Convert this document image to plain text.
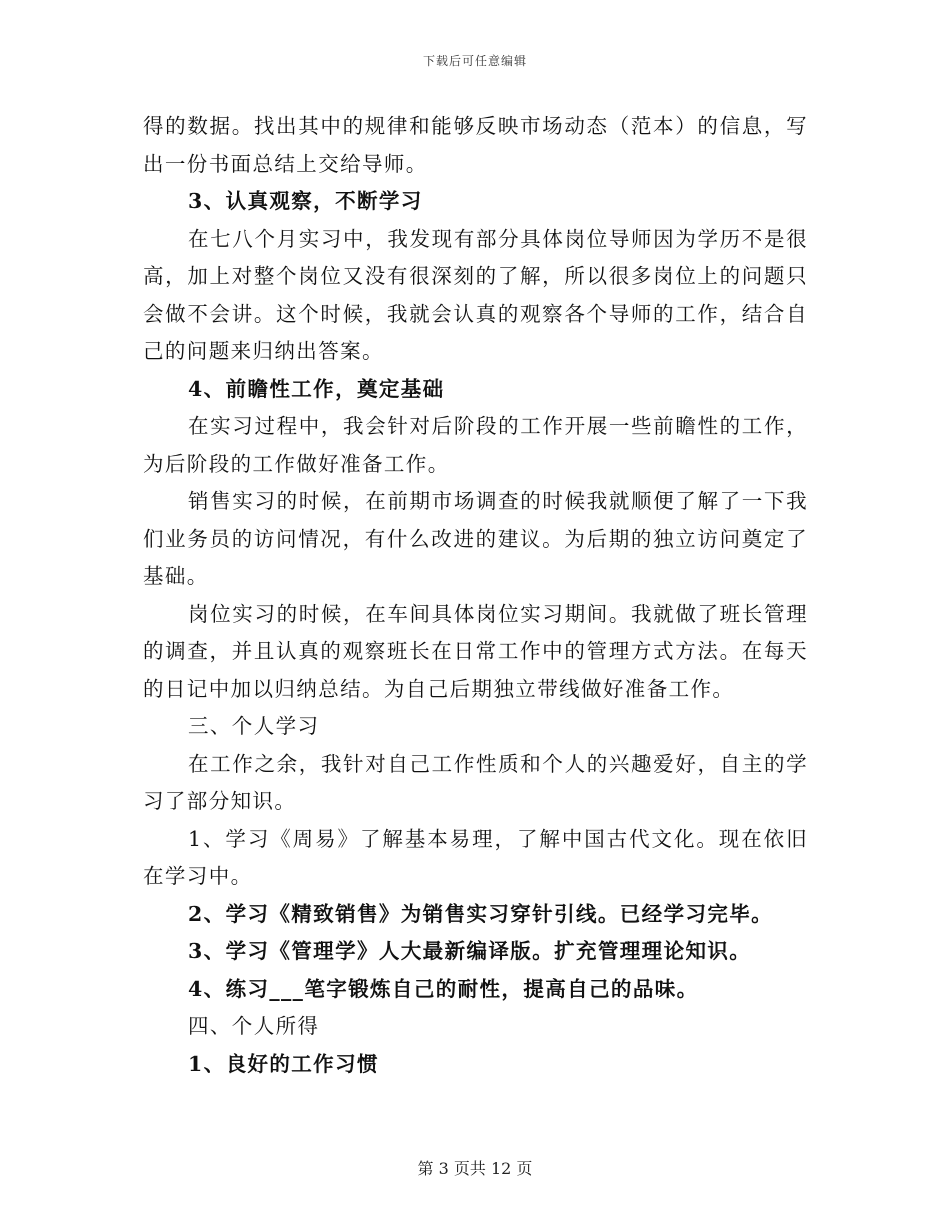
下载后可任意编辑

得的数据。找出其中的规律和能够反映市场动态（范本）的信息，写出一份书面总结上交给导师。

3、认真观察，不断学习

在七八个月实习中，我发现有部分具体岗位导师因为学历不是很高，加上对整个岗位又没有很深刻的了解，所以很多岗位上的问题只会做不会讲。这个时候，我就会认真的观察各个导师的工作，结合自己的问题来归纳出答案。

4、前瞻性工作，奠定基础

在实习过程中，我会针对后阶段的工作开展一些前瞻性的工作，为后阶段的工作做好准备工作。

销售实习的时候，在前期市场调查的时候我就顺便了解了一下我们业务员的访问情况，有什么改进的建议。为后期的独立访问奠定了基础。

岗位实习的时候，在车间具体岗位实习期间。我就做了班长管理的调查，并且认真的观察班长在日常工作中的管理方式方法。在每天的日记中加以归纳总结。为自己后期独立带线做好准备工作。

三、个人学习

在工作之余，我针对自己工作性质和个人的兴趣爱好，自主的学习了部分知识。

1、学习《周易》了解基本易理，了解中国古代文化。现在依旧在学习中。

2、学习《精致销售》为销售实习穿针引线。已经学习完毕。

3、学习《管理学》人大最新编译版。扩充管理理论知识。

4、练习___笔字锻炼自己的耐性，提高自己的品味。

四、个人所得

1、良好的工作习惯

第 3 页共 12 页
